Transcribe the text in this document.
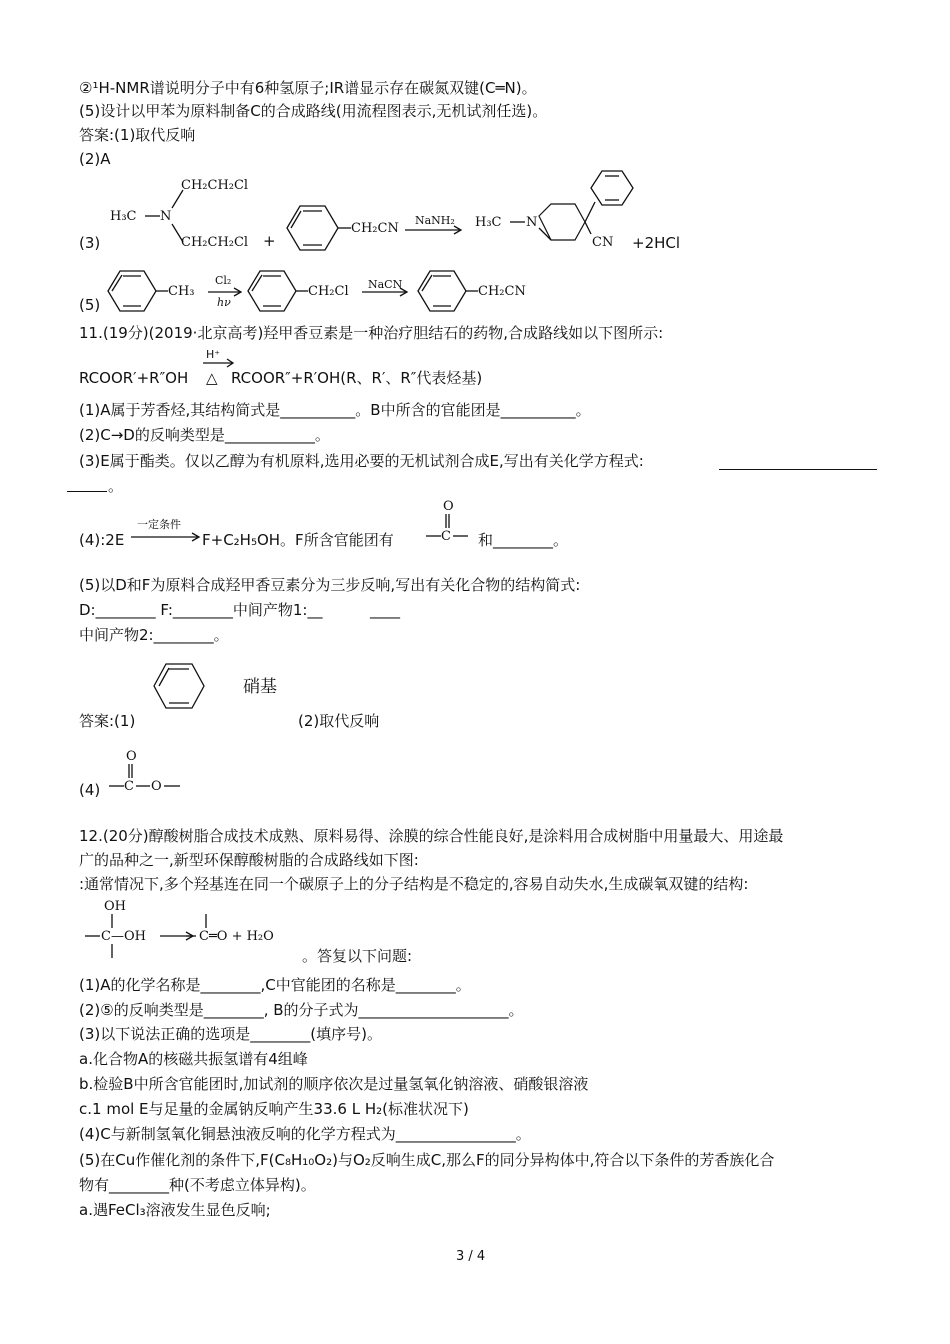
②¹H-NMR谱说明分子中有6种氢原子;IR谱显示存在碳氮双键(C═N)。
(5)设计以甲苯为原料制备C的合成路线(用流程图表示,无机试剂任选)。
答案:(1)取代反响
(2)A
(3)
H₃C N
CH₂CH₂Cl
CH₂CH₂Cl +
CH₂CN
NaNH₂ H₃C N
CN +2HCl
(5)
CH₃
Cl₂
hν
CH₂Cl NaCN	CH₂CN
11.(19分)(2019·北京高考)羟甲香豆素是一种治疗胆结石的药物,合成路线如以下图所示:
H⁺
RCOOR′+R″OH △ RCOOR″+R′OH(R、R′、R″代表烃基)
(1)A属于芳香烃,其结构简式是__________。B中所含的官能团是__________。
(2)C→D的反响类型是____________。
(3)E属于酯类。仅以乙醇为有机原料,选用必要的无机试剂合成E,写出有关化学方程式:
。
(4):2E
一定条件
F+C₂H₅OH。F所含官能团有
O
C 和________。
(5)以D和F为原料合成羟甲香豆素分为三步反响,写出有关化合物的结构简式:
D:________ F:________中间产物1:__	____
中间产物2:________。
硝基
答案:(1)	(2)取代反响
(4)
O
C O
12.(20分)醇酸树脂合成技术成熟、原料易得、涂膜的综合性能良好,是涂料用合成树脂中用量最大、用途最
广的品种之一,新型环保醇酸树脂的合成路线如下图:
:通常情况下,多个羟基连在同一个碳原子上的分子结构是不稳定的,容易自动失水,生成碳氧双键的结构:
OH
C—OH	C═O + H₂O
。答复以下问题:
(1)A的化学名称是________,C中官能团的名称是________。
(2)⑤的反响类型是________, B的分子式为____________________。
(3)以下说法正确的选项是________(填序号)。
a.化合物A的核磁共振氢谱有4组峰
b.检验B中所含官能团时,加试剂的顺序依次是过量氢氧化钠溶液、硝酸银溶液
c.1 mol E与足量的金属钠反响产生33.6 L H₂(标准状况下)
(4)C与新制氢氧化铜悬浊液反响的化学方程式为________________。
(5)在Cu作催化剂的条件下,F(C₈H₁₀O₂)与O₂反响生成C,那么F的同分异构体中,符合以下条件的芳香族化合
物有________种(不考虑立体异构)。
a.遇FeCl₃溶液发生显色反响;
3 / 4
